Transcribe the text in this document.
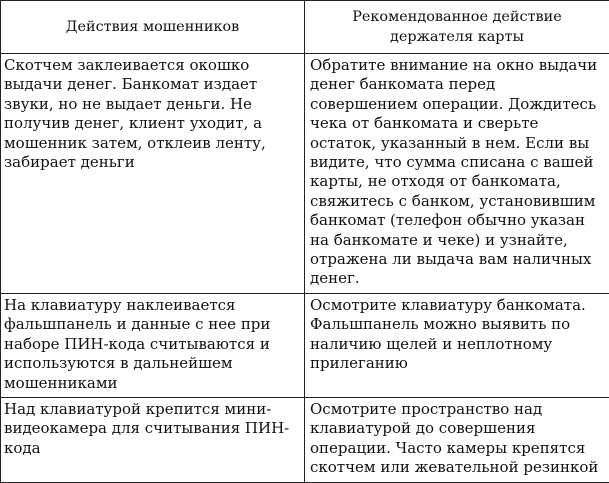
Действия мошенников	Рекомендованное действие держателя карты

Скотчем заклеивается окошко выдачи денег. Банкомат издает звуки, но не выдает деньги. Не получив денег, клиент уходит, а мошенник затем, отклеив ленту, забирает деньги	Обратите внимание на окно выдачи денег банкомата перед совершением операции. Дождитесь чека от банкомата и сверьте остаток, указанный в нем. Если вы видите, что сумма списана с вашей карты, не отходя от банкомата, свяжитесь с банком, установившим банкомат (телефон обычно указан на банкомате и чеке) и узнайте, отражена ли выдача вам наличных денег.

На клавиатуру наклеивается фальшпанель и данные с нее при наборе ПИН-кода считываются и используются в дальнейшем мошенниками	Осмотрите клавиатуру банкомата. Фальшпанель можно выявить по наличию щелей и неплотному прилеганию

Над клавиатурой крепится мини-видеокамера для считывания ПИН-кода	Осмотрите пространство над клавиатурой до совершения операции. Часто камеры крепятся скотчем или жевательной резинкой
